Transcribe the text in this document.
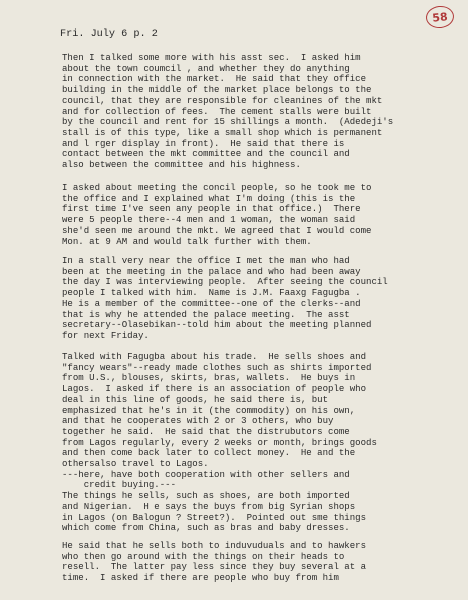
58
Fri. July 6 p. 2
Then I talked some more with his asst sec.  I asked him
about the town coumcil , and whether they do anything
in connection with the market.  He said that they office
building in the middle of the market place belongs to the
council, that they are responsible for cleanines of the mkt
and for collection of fees.  The cement stalls were built
by the council and rent for 15 shillings a month.  (Adedeji's
stall is of this type, like a small shop which is permanent
and l rger display in front).  He said that there is
contact between the mkt committee and the council and
also between the committee and his highness.
I asked about meeting the concil people, so he took me to
the office and I explained what I'm doing (this is the
first time I've seen any people in that office.)  There
were 5 people there--4 men and 1 woman, the woman said
she'd seen me around the mkt. We agreed that I would come
Mon. at 9 AM and would talk further with them.
In a stall very near the office I met the man who had
been at the meeting in the palace and who had been away
the day I was interviewing people.  After seeing the council
people I talked with him.  Name is J.M. Faaxg Fagugba .
He is a member of the committee--one of the clerks--and
that is why he attended the palace meeting.  The asst
secretary--Olasebikan--told him about the meeting planned
for next Friday.
Talked with Fagugba about his trade.  He sells shoes and
"fancy wears"--ready made clothes such as shirts imported
from U.S., blouses, skirts, bras, wallets.  He buys in
Lagos.  I asked if there is an association of people who
deal in this line of goods, he said there is, but
emphasized that he's in it (the commodity) on his own,
and that he cooperates with 2 or 3 others, who buy
together he said.  He said that the distrubutors come
from Lagos regularly, every 2 weeks or month, brings goods
and then come back later to collect money.  He and the
othersalso travel to Lagos.
---here, have both cooperation with other sellers and
credit buying.---
The things he sells, such as shoes, are both imported
and Nigerian.  H e says the buys from big Syrian shops
in Lagos (on Balogun ? Street?).  Pointed out sme things
which come from China, such as bras and baby dresses.
He said that he sells both to induvuduals and to hawkers
who then go around with the things on their heads to
resell.  The latter pay less since they buy several at a
time.  I asked if there are people who buy from him
